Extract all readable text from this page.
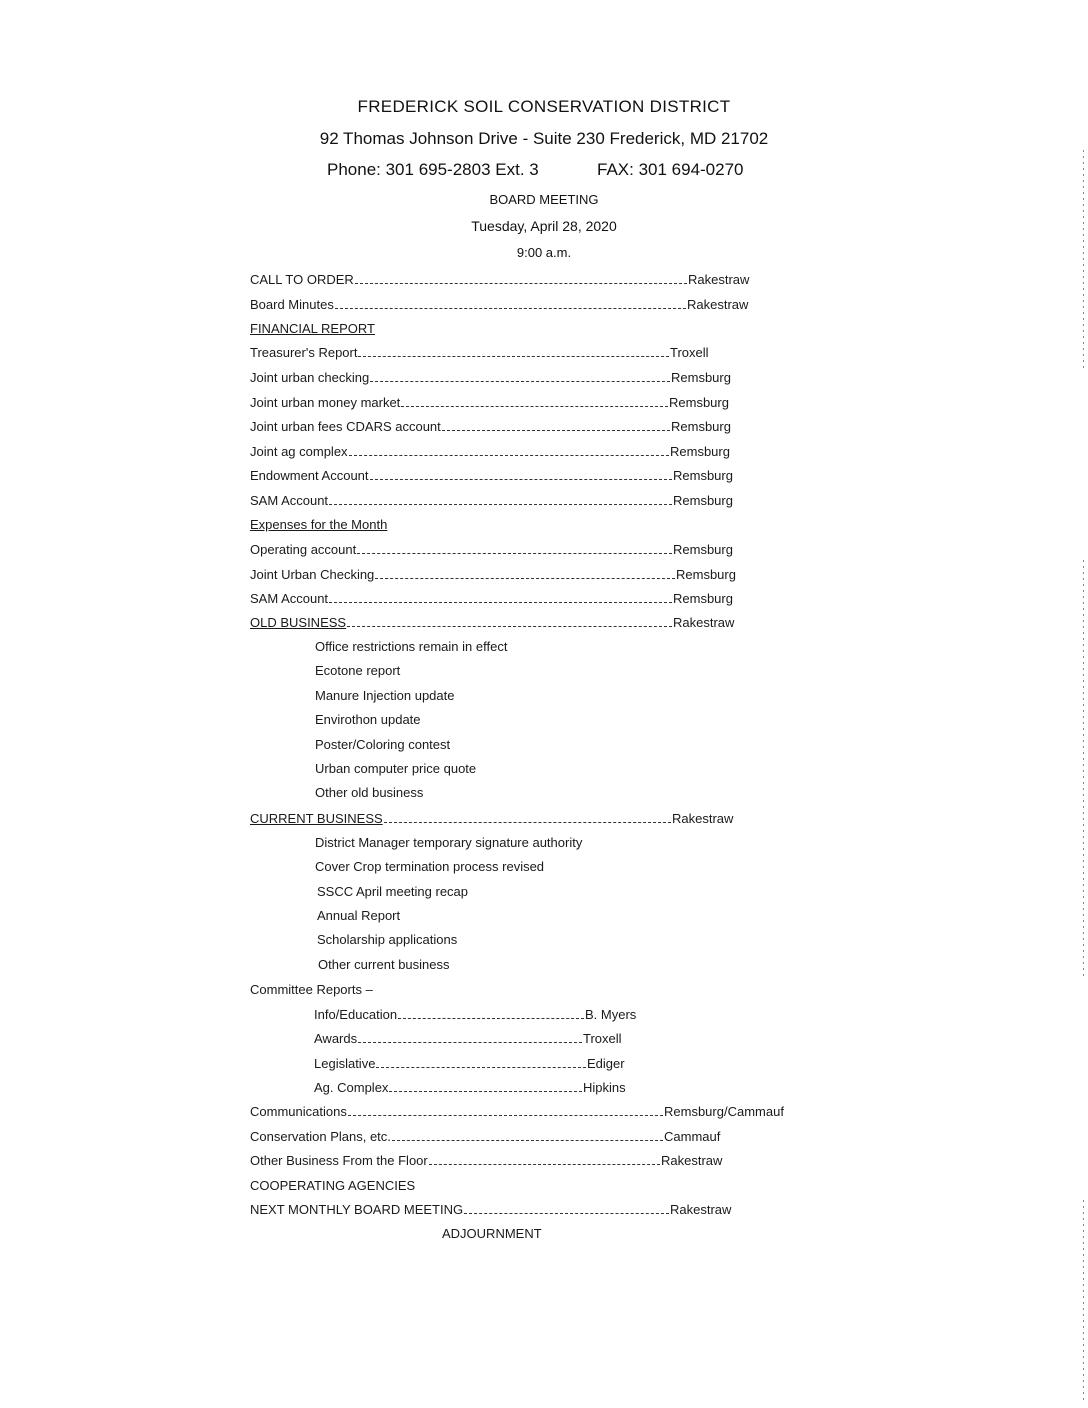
FREDERICK SOIL CONSERVATION DISTRICT
92 Thomas Johnson Drive - Suite 230 Frederick, MD 21702
Phone: 301 695-2803 Ext. 3	FAX: 301 694-0270
BOARD MEETING
Tuesday, April 28, 2020
9:00 a.m.
CALL TO ORDER	Rakestraw
Board Minutes	Rakestraw
FINANCIAL REPORT
Treasurer's Report	Troxell
Joint urban checking	Remsburg
Joint urban money market	Remsburg
Joint urban fees CDARS account	Remsburg
Joint ag complex	Remsburg
Endowment Account	Remsburg
SAM Account	Remsburg
Expenses for the Month
Operating account	Remsburg
Joint Urban Checking	Remsburg
SAM Account	Remsburg
OLD BUSINESS	Rakestraw
Office restrictions remain in effect
Ecotone report
Manure Injection update
Envirothon update
Poster/Coloring contest
Urban computer price quote
Other old business
CURRENT BUSINESS	Rakestraw
District Manager temporary signature authority
Cover Crop termination process revised
SSCC April meeting recap
Annual Report
Scholarship applications
Other current business
Committee Reports –
Info/Education	B. Myers
Awards	Troxell
Legislative	Ediger
Ag. Complex	Hipkins
Communications	Remsburg/Cammauf
Conservation Plans, etc.	Cammauf
Other Business From the Floor	Rakestraw
COOPERATING AGENCIES
NEXT MONTHLY BOARD MEETING	Rakestraw
ADJOURNMENT
